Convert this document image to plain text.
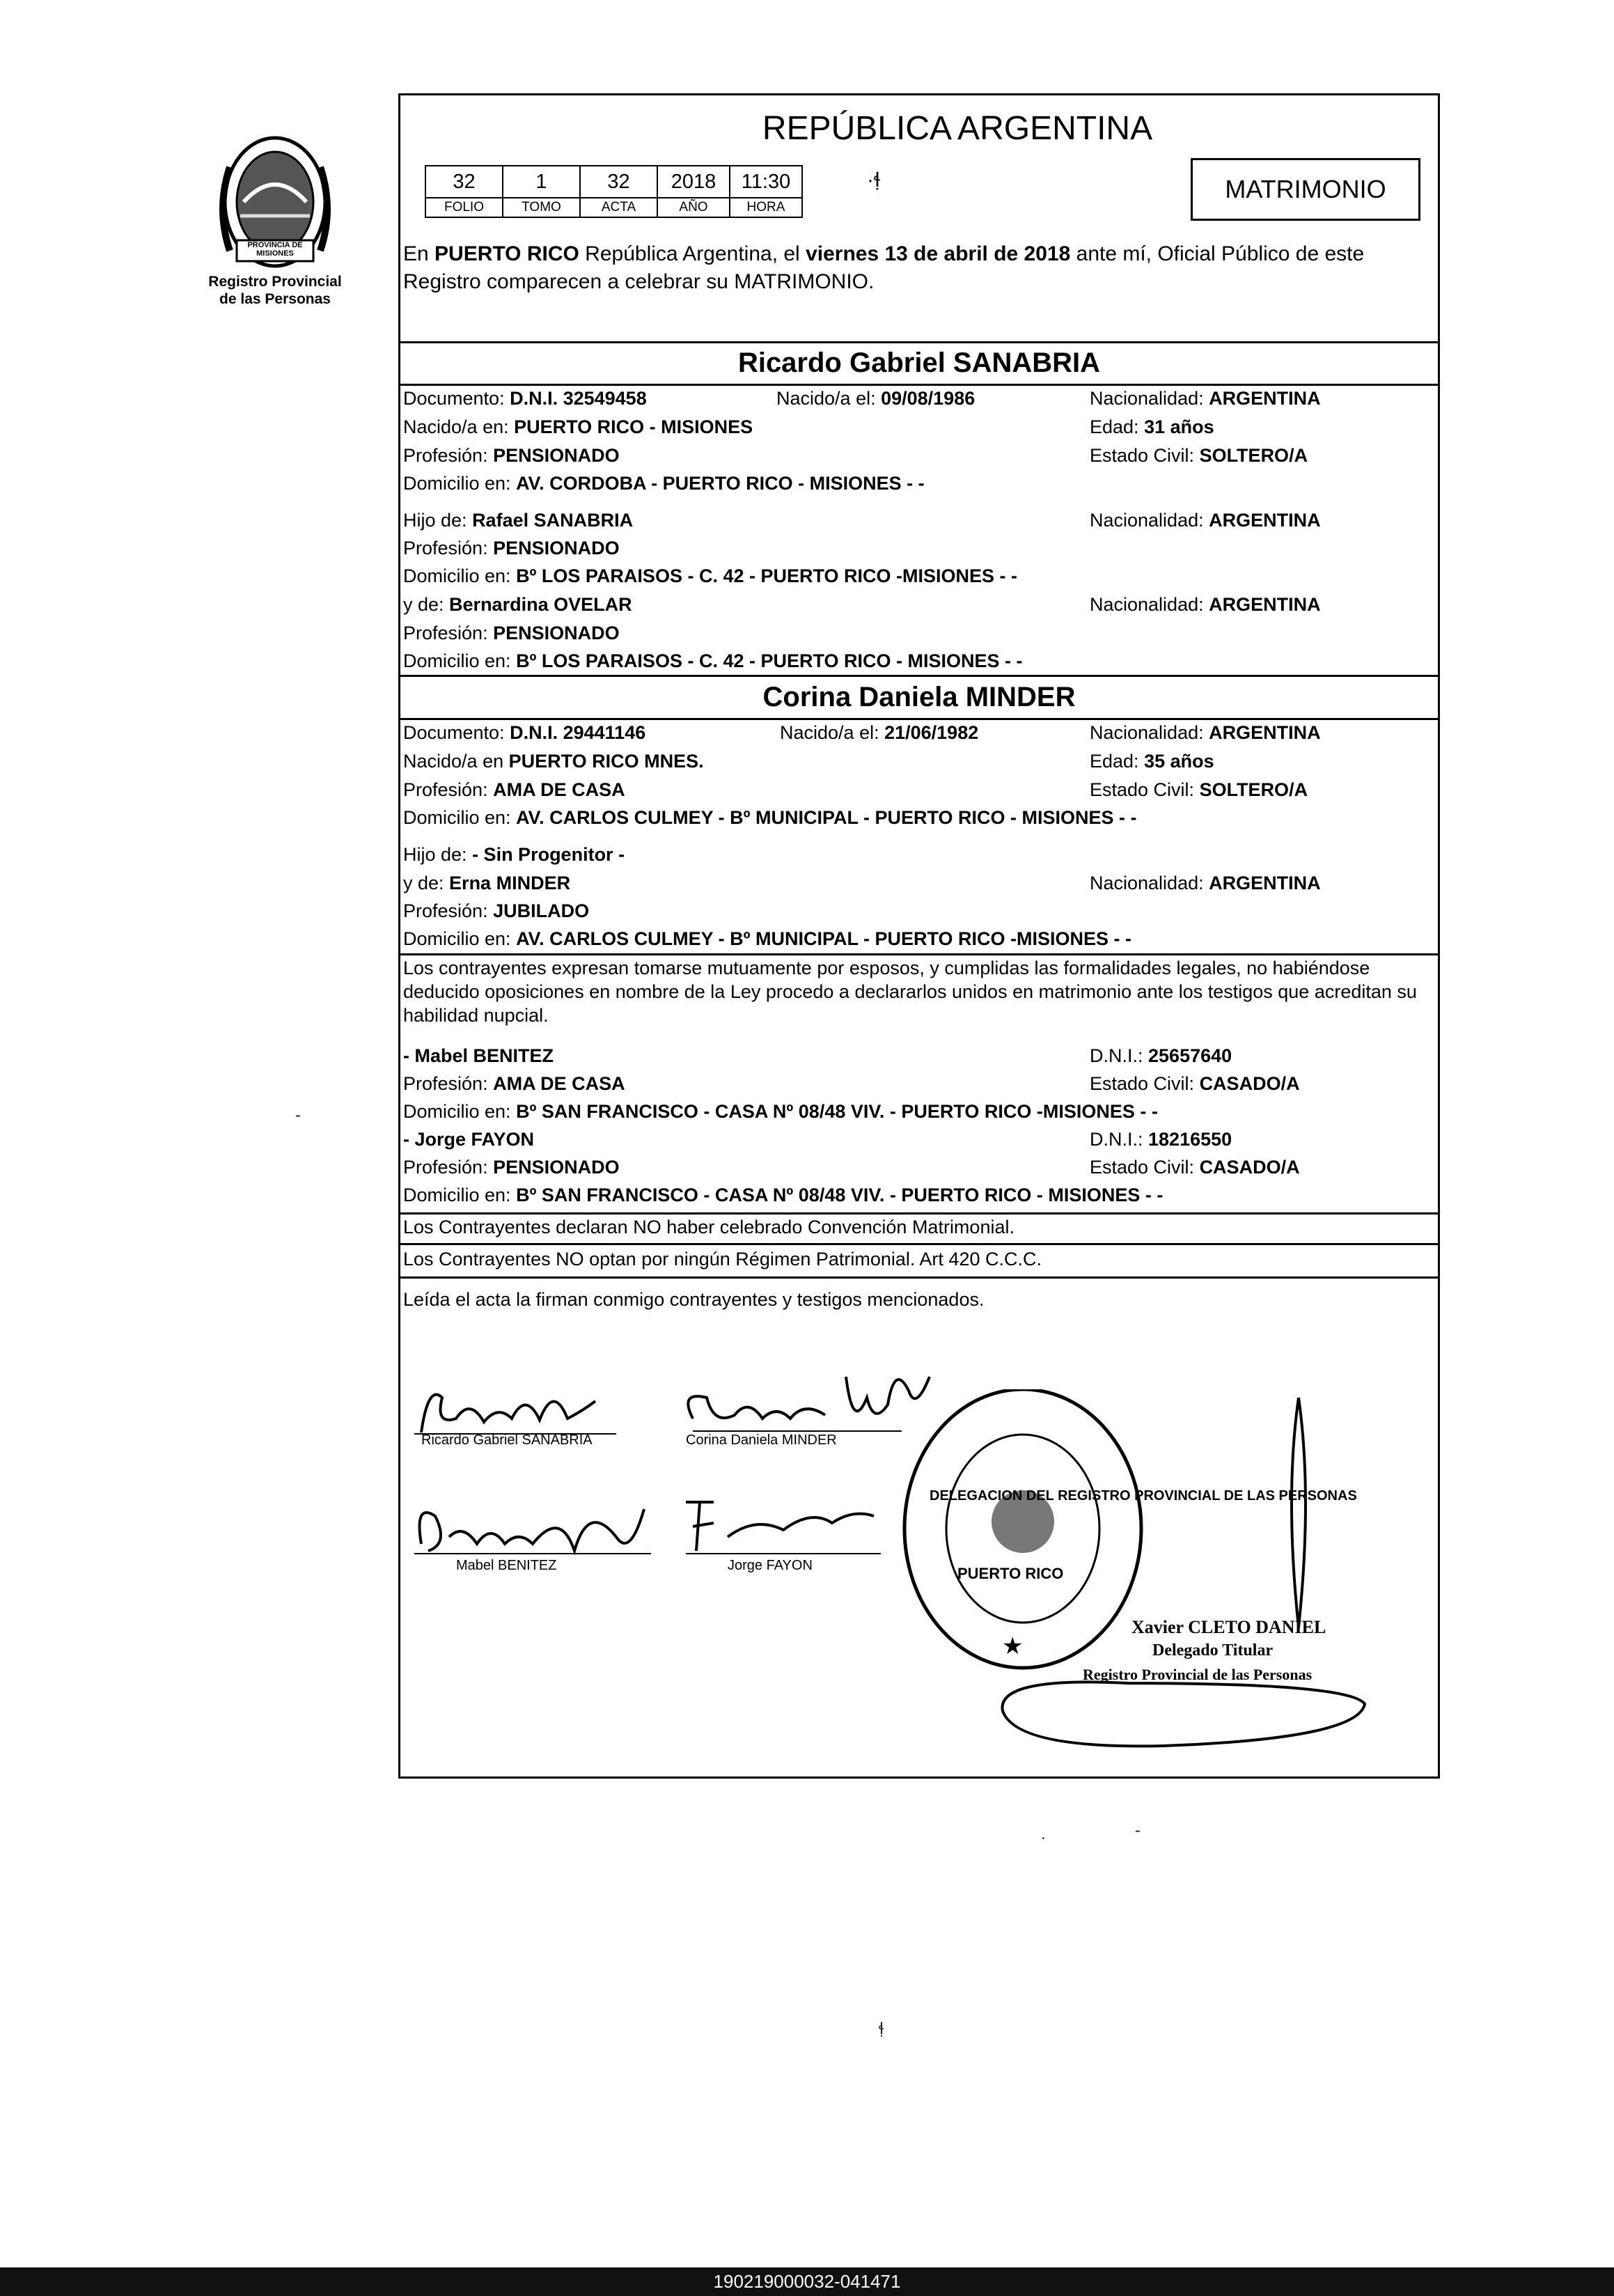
PROVINCIA DE MISIONES
Registro Provincial
de las Personas
REPÚBLICA ARGENTINA
32	1	32	2018	11:30
FOLIO	TOMO	ACTA	AÑO	HORA
·ɬ̣	MATRIMONIO
En PUERTO RICO República Argentina, el viernes 13 de abril de 2018 ante mí, Oficial Público de este Registro comparecen a celebrar su MATRIMONIO.
Ricardo Gabriel SANABRIA
Documento: D.N.I. 32549458	Nacido/a el: 09/08/1986	Nacionalidad: ARGENTINA
Nacido/a en: PUERTO RICO - MISIONES	Edad: 31 años
Profesión: PENSIONADO	Estado Civil: SOLTERO/A
Domicilio en: AV. CORDOBA - PUERTO RICO - MISIONES - -
Hijo de: Rafael SANABRIA	Nacionalidad: ARGENTINA
Profesión: PENSIONADO
Domicilio en: Bº LOS PARAISOS - C. 42 - PUERTO RICO -MISIONES - -
y de: Bernardina OVELAR	Nacionalidad: ARGENTINA
Profesión: PENSIONADO
Domicilio en: Bº LOS PARAISOS - C. 42 - PUERTO RICO - MISIONES - -
Corina Daniela MINDER
Documento: D.N.I. 29441146	Nacido/a el: 21/06/1982	Nacionalidad: ARGENTINA
Nacido/a en PUERTO RICO MNES.	Edad: 35 años
Profesión: AMA DE CASA	Estado Civil: SOLTERO/A
Domicilio en: AV. CARLOS CULMEY - Bº MUNICIPAL - PUERTO RICO - MISIONES - -
Hijo de: - Sin Progenitor -
y de: Erna MINDER	Nacionalidad: ARGENTINA
Profesión: JUBILADO
Domicilio en: AV. CARLOS CULMEY - Bº MUNICIPAL - PUERTO RICO -MISIONES - -
Los contrayentes expresan tomarse mutuamente por esposos, y cumplidas las formalidades legales, no habiéndose deducido oposiciones en nombre de la Ley procedo a declararlos unidos en matrimonio ante los testigos que acreditan su habilidad nupcial.
- Mabel BENITEZ	D.N.I.: 25657640
Profesión: AMA DE CASA	Estado Civil: CASADO/A
Domicilio en: Bº SAN FRANCISCO - CASA Nº 08/48 VIV. - PUERTO RICO -MISIONES - -
- Jorge FAYON	D.N.I.: 18216550
Profesión: PENSIONADO	Estado Civil: CASADO/A
Domicilio en: Bº SAN FRANCISCO - CASA Nº 08/48 VIV. - PUERTO RICO - MISIONES - -
Los Contrayentes declaran NO haber celebrado Convención Matrimonial.
Los Contrayentes NO optan por ningún Régimen Patrimonial. Art 420 C.C.C.
Leída el acta la firman conmigo contrayentes y testigos mencionados.
Ricardo Gabriel SANABRIA	Corina Daniela MINDER
Mabel BENITEZ	Jorge FAYON
★
DELEGACION DEL REGISTRO PROVINCIAL DE LAS PERSONAS
PUERTO RICO
Xavier CLETO DANIEL
Delegado Titular
Registro Provincial de las Personas
-
.	-
ɬ̣
190219000032-041471
